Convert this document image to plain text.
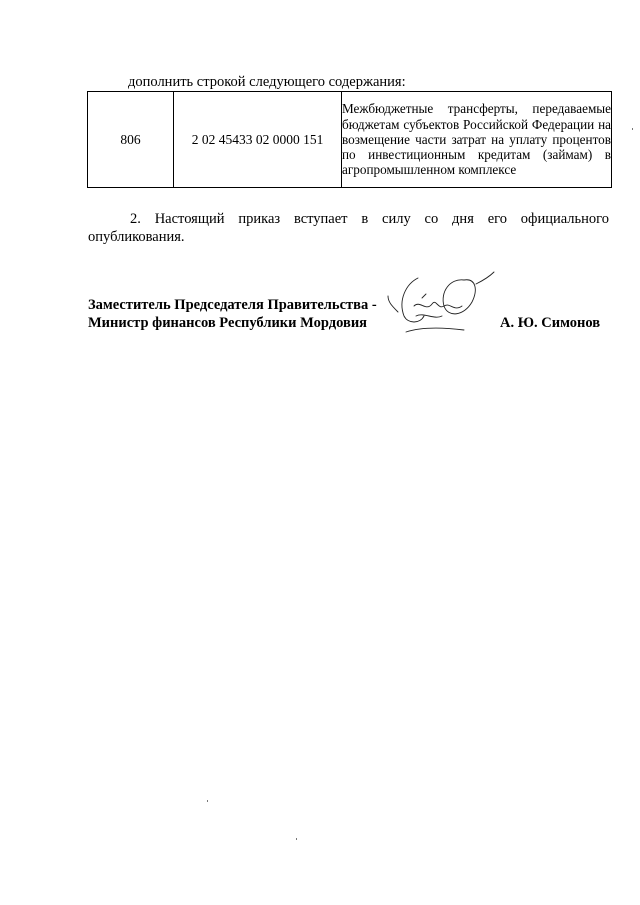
дополнить строкой следующего содержания:
806	2 02 45433 02 0000 151	Межбюджетные трансферты, передаваемые бюджетам субъектов Российской Федерации на возмещение части затрат на уплату процентов по инвестиционным кредитам (займам) в агропромышленном комплексе
2. Настоящий приказ вступает в силу со дня его официального опубликования.
Заместитель Председателя Правительства -
Министр финансов Республики Мордовия	А. Ю. Симонов
